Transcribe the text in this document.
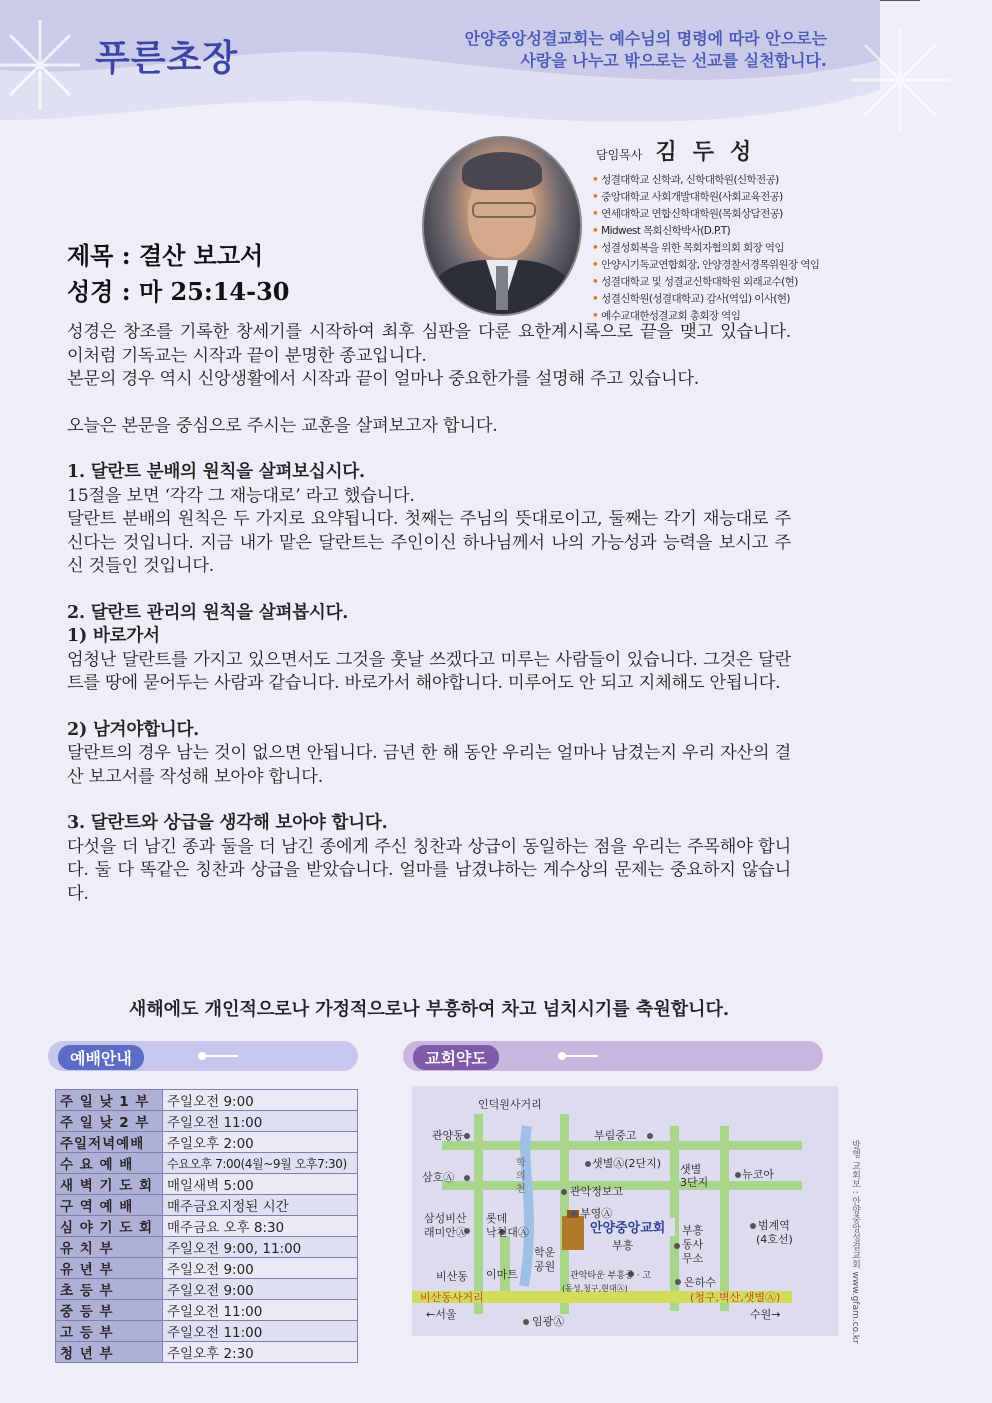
푸른초장	안양중앙성결교회는 예수님의 명령에 따라 안으로는
사랑을 나누고 밖으로는 선교를 실천합니다.
담임목사 김두성
• 성결대학교 신학과, 신학대학원(신학전공)
• 중앙대학교 사회개발대학원(사회교육전공)
• 연세대학교 연합신학대학원(목회상담전공)
• Midwest 목회신학박사(D.P.T)
• 성결성회복을 위한 목회자협의회 회장 역임
• 안양시기독교연합회장, 안양경찰서경목위원장 역임
• 성결대학교 및 성결교신학대학원 외래교수(현)
• 성결신학원(성결대학교) 감사(역임) 이사(현)
• 예수교대한성결교회 총회장 역임
제목 : 결산 보고서
성경 : 마 25:14-30

성경은 창조를 기록한 창세기를 시작하여 최후 심판을 다룬 요한계시록으로 끝을 맺고 있습니다. 이처럼 기독교는 시작과 끝이 분명한 종교입니다.

본문의 경우 역시 신앙생활에서 시작과 끝이 얼마나 중요한가를 설명해 주고 있습니다.

오늘은 본문을 중심으로 주시는 교훈을 살펴보고자 합니다.

1. 달란트 분배의 원칙을 살펴보십시다.

15절을 보면 ‘각각 그 재능대로’ 라고 했습니다.

달란트 분배의 원칙은 두 가지로 요약됩니다. 첫째는 주님의 뜻대로이고, 둘째는 각기 재능대로 주신다는 것입니다. 지금 내가 맡은 달란트는 주인이신 하나님께서 나의 가능성과 능력을 보시고 주신 것들인 것입니다.

2. 달란트 관리의 원칙을 살펴봅시다.
1) 바로가서

엄청난 달란트를 가지고 있으면서도 그것을 훗날 쓰겠다고 미루는 사람들이 있습니다. 그것은 달란트를 땅에 묻어두는 사람과 같습니다. 바로가서 해야합니다. 미루어도 안 되고 지체해도 안됩니다.

2) 남겨야합니다.

달란트의 경우 남는 것이 없으면 안됩니다. 금년 한 해 동안 우리는 얼마나 남겼는지 우리 자산의 결산 보고서를 작성해 보아야 합니다.

3. 달란트와 상급을 생각해 보아야 합니다.

다섯을 더 남긴 종과 둘을 더 남긴 종에게 주신 칭찬과 상급이 동일하는 점을 우리는 주목해야 합니다. 둘 다 똑같은 칭찬과 상급을 받았습니다. 얼마를 남겼냐하는 계수상의 문제는 중요하지 않습니다.

새해에도 개인적으로나 가정적으로나 부흥하여 차고 넘치시기를 축원합니다.
예배안내	교회약도
주 일 낮 1 부	주일오전 9:00
주 일 낮 2 부	주일오전 11:00
주일저녁예배	주일오후 2:00
수 요 예 배	수요오후 7:00(4월~9월 오후7:30)
새 벽 기 도 회	매일새벽 5:00
구 역 예 배	매주금요지정된 시간
심 야 기 도 회	매주금요 오후 8:30
유 치 부	주일오전 9:00, 11:00
유 년 부	주일오전 9:00
초 등 부	주일오전 9:00
중 등 부	주일오전 11:00
고 등 부	주일오전 11:00
청 년 부	주일오후 2:30
인덕원사거리
관양동	부림중고
삼호Ⓐ
학
의
천
샛별Ⓐ(2단지) 샛별
3단지
뉴코아
관악정보고
삼성비산
래미안Ⓐ
롯데
낙천대Ⓐ
부영Ⓐ
안양중앙교회
부흥
학운
공원
부흥
동사
무소
범계역
(4호선)
비산동 이마트	관악타운 부흥중 · 고
(동성,청구,현대Ⓐ)	은하수
비산동사거리	(청구,벽산,샛별Ⓐ)
←서울
임광Ⓐ
수원→	발행 교회보 : 안양중앙성결교회 www.gfam.co.kr
